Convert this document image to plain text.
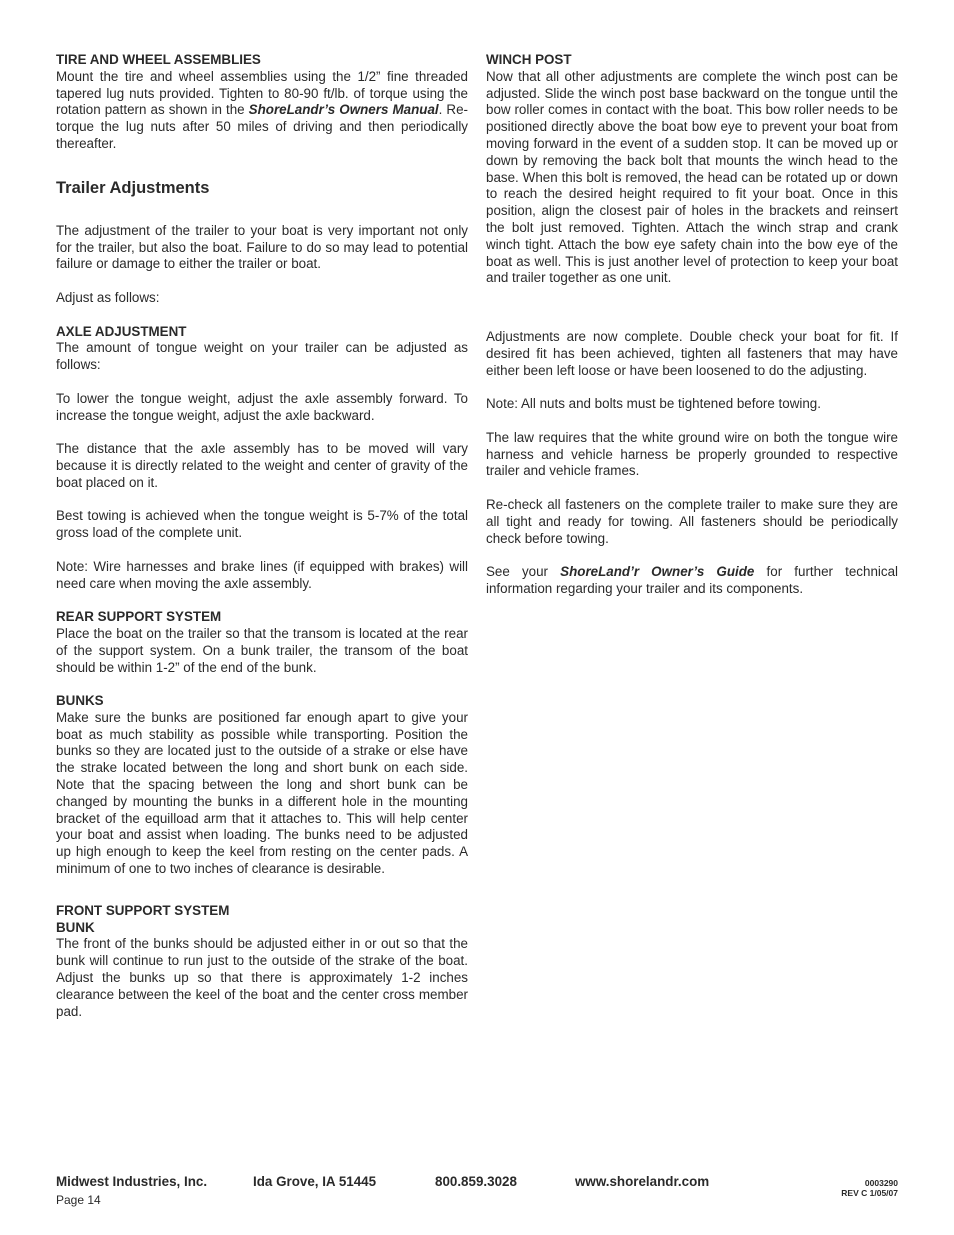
TIRE AND WHEEL ASSEMBLIES

Mount the tire and wheel assemblies using the 1/2” fine threaded tapered lug nuts provided. Tighten to 80-90 ft/lb. of torque using the rotation pattern as shown in the ShoreLandr’s Owners Manual. Re-torque the lug nuts after 50 miles of driving and then periodically thereafter.

Trailer Adjustments

The adjustment of the trailer to your boat is very important not only for the trailer, but also the boat. Failure to do so may lead to potential failure or damage to either the trailer or boat.

Adjust as follows:

AXLE ADJUSTMENT

The amount of tongue weight on your trailer can be adjusted as follows:

To lower the tongue weight, adjust the axle assembly forward. To increase the tongue weight, adjust the axle backward.

The distance that the axle assembly has to be moved will vary because it is directly related to the weight and center of gravity of the boat placed on it.

Best towing is achieved when the tongue weight is 5-7% of the total gross load of the complete unit.

Note: Wire harnesses and brake lines (if equipped with brakes) will need care when moving the axle assembly.

REAR SUPPORT SYSTEM

Place the boat on the trailer so that the transom is located at the rear of the support system. On a bunk trailer, the transom of the boat should be within 1-2” of the end of the bunk.

BUNKS

Make sure the bunks are positioned far enough apart to give your boat as much stability as possible while transporting. Position the bunks so they are located just to the outside of a strake or else have the strake located between the long and short bunk on each side. Note that the spacing between the long and short bunk can be changed by mounting the bunks in a different hole in the mounting bracket of the equilload arm that it attaches to. This will help center your boat and assist when loading. The bunks need to be adjusted up high enough to keep the keel from resting on the center pads. A minimum of one to two inches of clearance is desirable.

FRONT SUPPORT SYSTEM
BUNK

The front of the bunks should be adjusted either in or out so that the bunk will continue to run just to the outside of the strake of the boat. Adjust the bunks up so that there is approximately 1-2 inches clearance between the keel of the boat and the center cross member pad.

WINCH POST

Now that all other adjustments are complete the winch post can be adjusted. Slide the winch post base backward on the tongue until the bow roller comes in contact with the boat. This bow roller needs to be positioned directly above the boat bow eye to prevent your boat from moving forward in the event of a sudden stop. It can be moved up or down by removing the back bolt that mounts the winch head to the base. When this bolt is removed, the head can be rotated up or down to reach the desired height required to fit your boat. Once in this position, align the closest pair of holes in the brackets and reinsert the bolt just removed. Tighten. Attach the winch strap and crank winch tight. Attach the bow eye safety chain into the bow eye of the boat as well. This is just another level of protection to keep your boat and trailer together as one unit.

Adjustments are now complete. Double check your boat for fit. If desired fit has been achieved, tighten all fasteners that may have either been left loose or have been loosened to do the adjusting.

Note: All nuts and bolts must be tightened before towing.

The law requires that the white ground wire on both the tongue wire harness and vehicle harness be properly grounded to respective trailer and vehicle frames.

Re-check all fasteners on the complete trailer to make sure they are all tight and ready for towing. All fasteners should be periodically check before towing.

See your ShoreLand’r Owner’s Guide for further technical information regarding your trailer and its components.

Midwest Industries, Inc.	Ida Grove, IA 51445	800.859.3028	www.shorelandr.com
Page 14
0003290
REV C 1/05/07
